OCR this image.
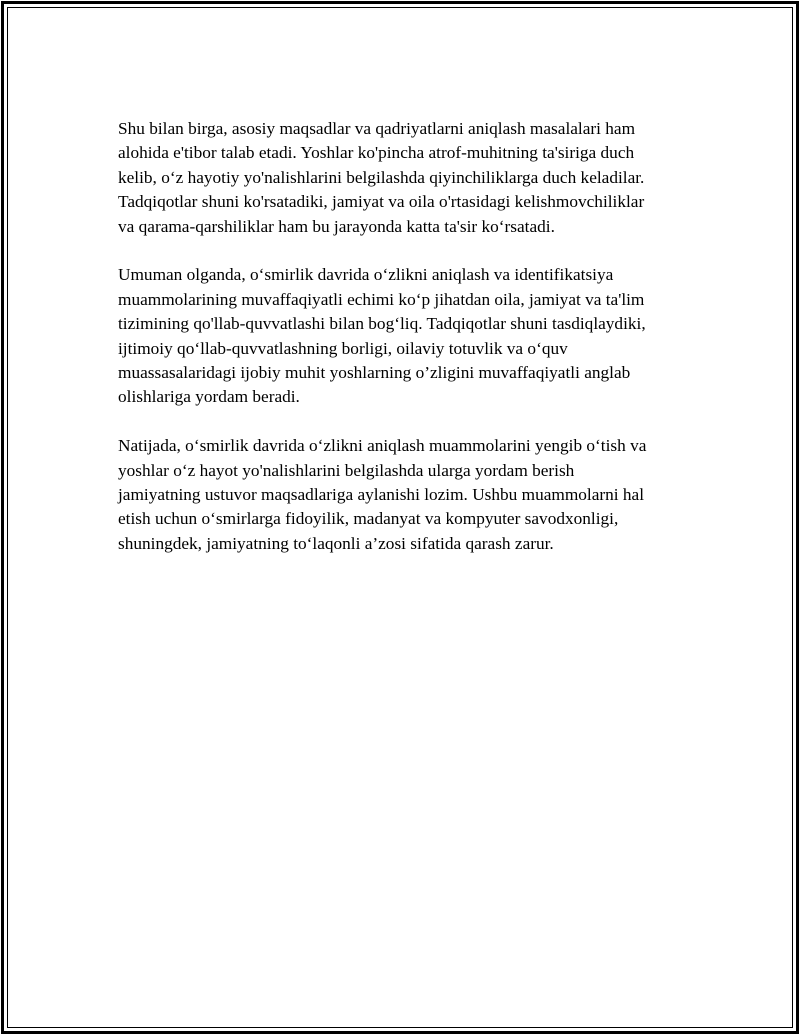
Shu bilan birga, asosiy maqsadlar va qadriyatlarni aniqlash masalalari ham
alohida e'tibor talab etadi. Yoshlar ko'pincha atrof-muhitning ta'siriga duch
kelib, o‘z hayotiy yo'nalishlarini belgilashda qiyinchiliklarga duch keladilar.
Tadqiqotlar shuni ko'rsatadiki, jamiyat va oila o'rtasidagi kelishmovchiliklar
va qarama-qarshiliklar ham bu jarayonda katta ta'sir ko‘rsatadi.

Umuman olganda, o‘smirlik davrida o‘zlikni aniqlash va identifikatsiya
muammolarining muvaffaqiyatli echimi ko‘p jihatdan oila, jamiyat va ta'lim
tizimining qo'llab-quvvatlashi bilan bog‘liq. Tadqiqotlar shuni tasdiqlaydiki,
ijtimoiy qo‘llab-quvvatlashning borligi, oilaviy totuvlik va o‘quv
muassasalaridagi ijobiy muhit yoshlarning o’zligini muvaffaqiyatli anglab
olishlariga yordam beradi.

Natijada, o‘smirlik davrida o‘zlikni aniqlash muammolarini yengib o‘tish va
yoshlar o‘z hayot yo'nalishlarini belgilashda ularga yordam berish
jamiyatning ustuvor maqsadlariga aylanishi lozim. Ushbu muammolarni hal
etish uchun o‘smirlarga fidoyilik, madanyat va kompyuter savodxonligi,
shuningdek, jamiyatning to‘laqonli a’zosi sifatida qarash zarur.
